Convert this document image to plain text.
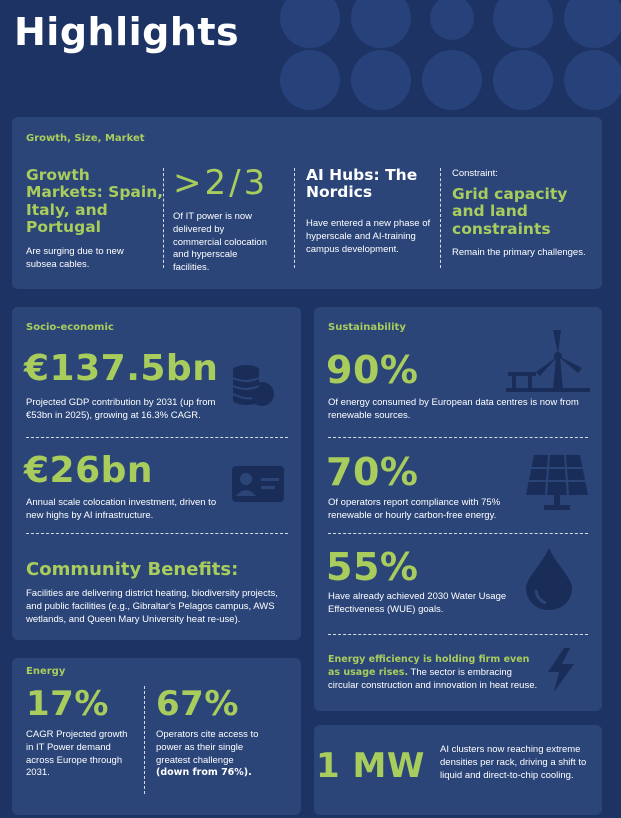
Highlights
Growth, Size, Market
Growth Markets: Spain, Italy, and Portugal
Are surging due to new subsea cables.
>2/3
Of IT power is now delivered by commercial colocation and hyperscale facilities.
AI Hubs: The Nordics
Have entered a new phase of hyperscale and AI-training campus development.
Constraint:
Grid capacity and land constraints
Remain the primary challenges.
Socio-economic
€137.5bn
Projected GDP contribution by 2031 (up from €53bn in 2025), growing at 16.3% CAGR.
€26bn
Annual scale colocation investment, driven to new highs by AI infrastructure.
Community Benefits:
Facilities are delivering district heating, biodiversity projects, and public facilities (e.g., Gibraltar's Pelagos campus, AWS wetlands, and Queen Mary University heat re-use).
Energy
17%
CAGR Projected growth in IT Power demand across Europe through 2031.
67%
Operators cite access to power as their single greatest challenge (down from 76%).
Sustainability
90%
Of energy consumed by European data centres is now from renewable sources.
70%
Of operators report compliance with 75% renewable or hourly carbon-free energy.
55%
Have already achieved 2030 Water Usage Effectiveness (WUE) goals.
Energy efficiency is holding firm even as usage rises. The sector is embracing circular construction and innovation in heat reuse.
1 MW AI clusters now reaching extreme densities per rack, driving a shift to liquid and direct-to-chip cooling.
